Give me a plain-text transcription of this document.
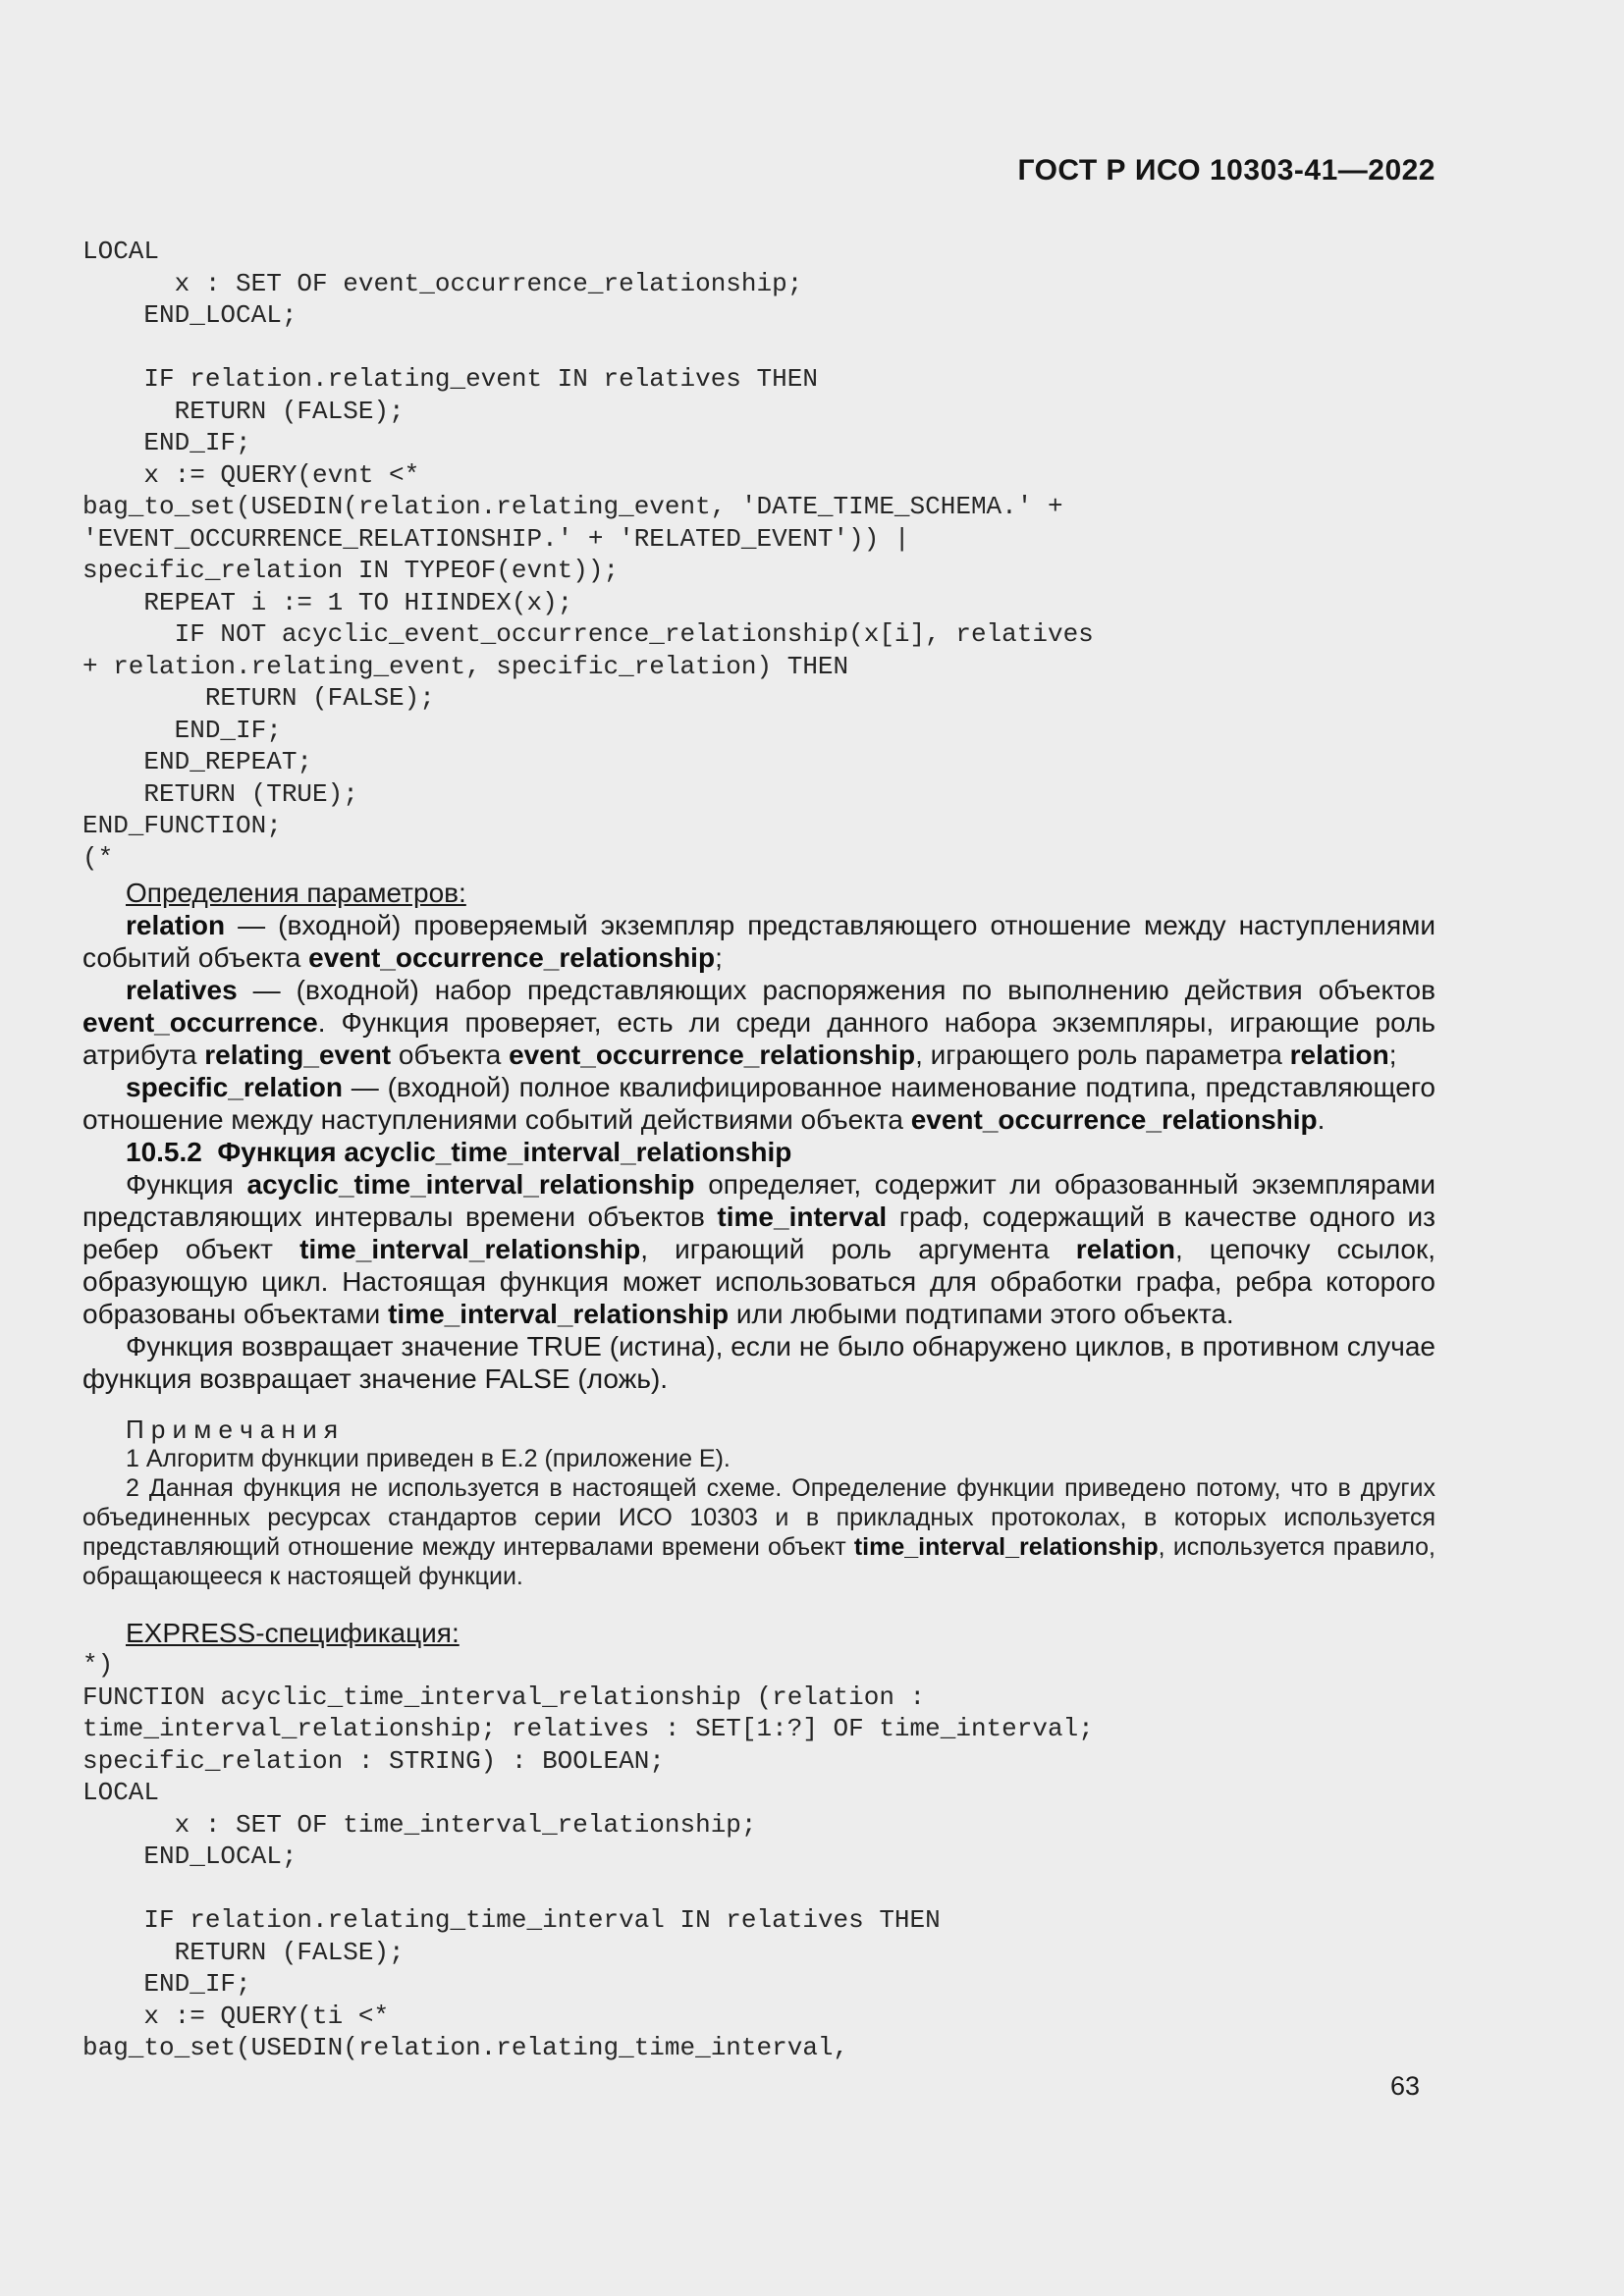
ГОСТ Р ИСО 10303-41—2022
LOCAL
x : SET OF event_occurrence_relationship;
END_LOCAL;

IF relation.relating_event IN relatives THEN
RETURN (FALSE);
END_IF;
x := QUERY(evnt <*
bag_to_set(USEDIN(relation.relating_event, 'DATE_TIME_SCHEMA.' +
'EVENT_OCCURRENCE_RELATIONSHIP.' + 'RELATED_EVENT')) |
specific_relation IN TYPEOF(evnt));
REPEAT i := 1 TO HIINDEX(x);
IF NOT acyclic_event_occurrence_relationship(x[i], relatives
+ relation.relating_event, specific_relation) THEN
RETURN (FALSE);
END_IF;
END_REPEAT;
RETURN (TRUE);
END_FUNCTION;
(*
Определения параметров:
relation — (входной) проверяемый экземпляр представляющего отношение между наступлениями событий объекта event_occurrence_relationship;
relatives — (входной) набор представляющих распоряжения по выполнению действия объектов event_occurrence. Функция проверяет, есть ли среди данного набора экземпляры, играющие роль атрибута relating_event объекта event_occurrence_relationship, играющего роль параметра relation;
specific_relation — (входной) полное квалифицированное наименование подтипа, представляющего отношение между наступлениями событий действиями объекта event_occurrence_relationship.
10.5.2  Функция acyclic_time_interval_relationship
Функция acyclic_time_interval_relationship определяет, содержит ли образованный экземплярами представляющих интервалы времени объектов time_interval граф, содержащий в качестве одного из ребер объект time_interval_relationship, играющий роль аргумента relation, цепочку ссылок, образующую цикл. Настоящая функция может использоваться для обработки графа, ребра которого образованы объектами time_interval_relationship или любыми подтипами этого объекта.
Функция возвращает значение TRUE (истина), если не было обнаружено циклов, в противном случае функция возвращает значение FALSE (ложь).
П р и м е ч а н и я
1 Алгоритм функции приведен в Е.2 (приложение Е).
2 Данная функция не используется в настоящей схеме. Определение функции приведено потому, что в других объединенных ресурсах стандартов серии ИСО 10303 и в прикладных протоколах, в которых используется представляющий отношение между интервалами времени объект time_interval_relationship, используется правило, обращающееся к настоящей функции.
EXPRESS-спецификация:
*)
FUNCTION acyclic_time_interval_relationship (relation :
time_interval_relationship; relatives : SET[1:?] OF time_interval;
specific_relation : STRING) : BOOLEAN;
LOCAL
x : SET OF time_interval_relationship;
END_LOCAL;

IF relation.relating_time_interval IN relatives THEN
RETURN (FALSE);
END_IF;
x := QUERY(ti <*
bag_to_set(USEDIN(relation.relating_time_interval,
63
